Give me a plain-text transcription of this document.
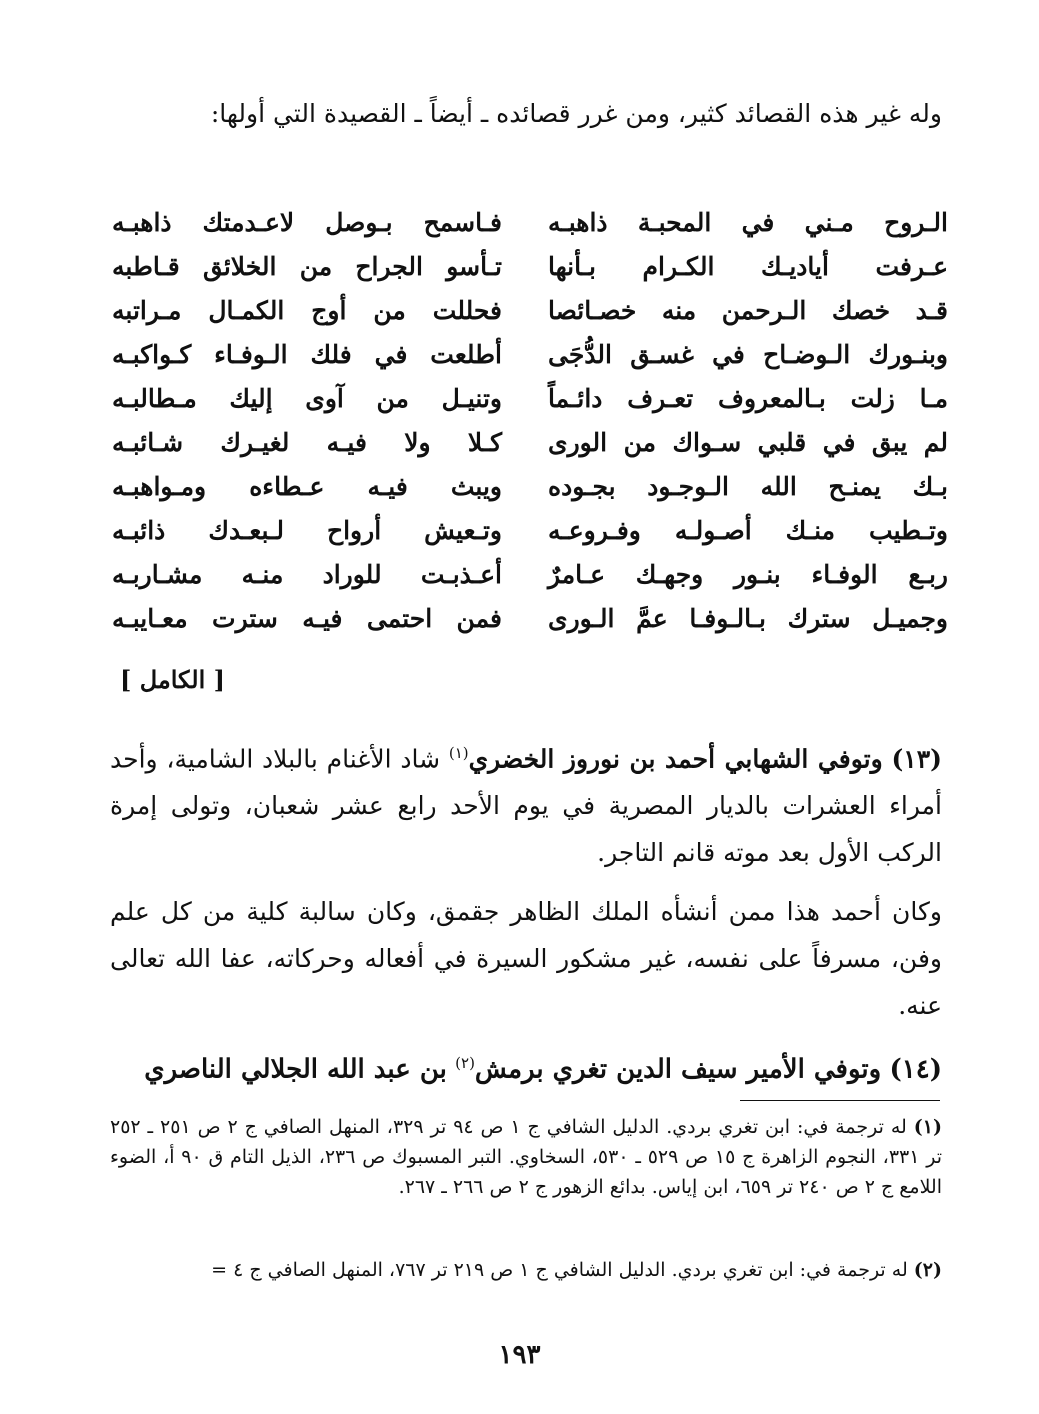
وله غير هذه القصائد كثير، ومن غرر قصائده ـ أيضاً ـ القصيدة التي أولها:
الـروح مـني في المحبـة ذاهبـه
فـاسمح بـوصل لاعـدمتك ذاهبـه
عـرفت أياديـك الكـرام بـأنها
تـأسو الجراح من الخلائق قـاطبه
قـد خصك الـرحمن منه خصـائصا
فحللت من أوج الكمـال مـراتبه
وبنـورك الـوضـاح في غسـق الدُّجَى
أطلعت في فلك الـوفـاء كـواكبـه
مـا زلت بـالمعروف تعـرف دائـماً
وتنيـل من آوى إليك مـطالبـه
لم يبق في قلبي سـواك من الورى
كـلا ولا فيـه لغيـرك شـائبـه
بـك يمنـح الله الـوجـود بجـوده
ويبث فيـه عـطاءه ومـواهبـه
وتـطيب منـك أصـولـه وفـروعـه
وتـعيش أرواح لـبعـدك ذائبـه
ربـع الوفـاء بنـور وجهـك عـامرٌ
أعـذبـت للوراد منـه مشـاربـه
وجميـل سترك بـالـوفـا عمَّ الـورى
فمن احتمى فيـه سترت معـايبـه
[ الكامل ]
(١٣) وتوفي الشهابي أحمد بن نوروز الخضري$^{(١)}$ شاد الأغنام بالبلاد الشامية، وأحد أمراء العشرات بالديار المصرية في يوم الأحد رابع عشر شعبان، وتولى إمرة الركب الأول بعد موته قانم التاجر.
وكان أحمد هذا ممن أنشأه الملك الظاهر جقمق، وكان سالبة كلية من كل علم وفن، مسرفاً على نفسه، غير مشكور السيرة في أفعاله وحركاته، عفا الله تعالى عنه.
(١٤) وتوفي الأمير سيف الدين تغري برمش$^{(٢)}$ بن عبد الله الجلالي الناصري
(١) له ترجمة في: ابن تغري بردي. الدليل الشافي ج ١ ص ٩٤ تر ٣٢٩، المنهل الصافي ج ٢ ص ٢٥١ ـ ٢٥٢ تر ٣٣١، النجوم الزاهرة ج ١٥ ص ٥٢٩ ـ ٥٣٠، السخاوي. التبر المسبوك ص ٢٣٦، الذيل التام ق ٩٠ أ، الضوء اللامع ج ٢ ص ٢٤٠ تر ٦٥٩، ابن إياس. بدائع الزهور ج ٢ ص ٢٦٦ ـ ٢٦٧.
(٢) له ترجمة في: ابن تغري بردي. الدليل الشافي ج ١ ص ٢١٩ تر ٧٦٧، المنهل الصافي ج ٤ =
١٩٣
